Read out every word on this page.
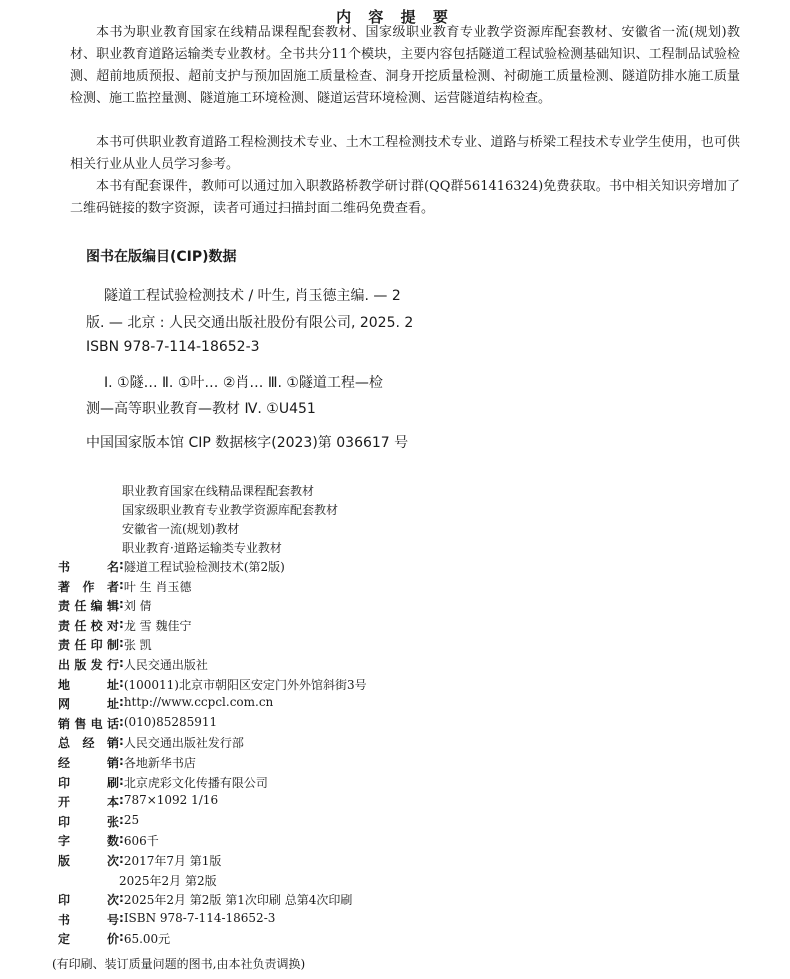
内 容 提 要

本书为职业教育国家在线精品课程配套教材、国家级职业教育专业教学资源库配套教材、安徽省一流(规划)教材、职业教育道路运输类专业教材。全书共分11个模块，主要内容包括隧道工程试验检测基础知识、工程制品试验检测、超前地质预报、超前支护与预加固施工质量检查、洞身开挖质量检测、衬砌施工质量检测、隧道防排水施工质量检测、施工监控量测、隧道施工环境检测、隧道运营环境检测、运营隧道结构检查。

本书可供职业教育道路工程检测技术专业、土木工程检测技术专业、道路与桥梁工程技术专业学生使用，也可供相关行业从业人员学习参考。

本书有配套课件，教师可以通过加入职教路桥教学研讨群(QQ群561416324)免费获取。书中相关知识旁增加了二维码链接的数字资源，读者可通过扫描封面二维码免费查看。

图书在版编目(CIP)数据
隧道工程试验检测技术 / 叶生, 肖玉德主编. — 2
版. — 北京 : 人民交通出版社股份有限公司, 2025. 2
ISBN 978-7-114-18652-3
Ⅰ. ①隧… Ⅱ. ①叶… ②肖… Ⅲ. ①隧道工程—检
测—高等职业教育—教材 Ⅳ. ①U451
中国国家版本馆 CIP 数据核字(2023)第 036617 号
职业教育国家在线精品课程配套教材
国家级职业教育专业教学资源库配套教材
安徽省一流(规划)教材
职业教育·道路运输类专业教材
书	名 : 隧道工程试验检测技术(第2版)
著 作 者 : 叶 生 肖玉德
责 任 编 辑 : 刘 倩
责 任 校 对 : 龙 雪 魏佳宁
责 任 印 制 : 张 凯
出 版 发 行 : 人民交通出版社
地	址 : (100011)北京市朝阳区安定门外外馆斜街3号
网	址 : http://www.ccpcl.com.cn
销 售 电 话 : (010)85285911
总 经 销 : 人民交通出版社发行部
经	销 : 各地新华书店
印	刷 : 北京虎彩文化传播有限公司
开	本 : 787×1092 1/16
印	张 : 25
字	数 : 606千
版	次 : 2017年7月 第1版
2025年2月 第2版
印	次 : 2025年2月 第2版 第1次印刷 总第4次印刷
书	号 : ISBN 978-7-114-18652-3
定	价 : 65.00元
(有印刷、装订质量问题的图书,由本社负责调换)
